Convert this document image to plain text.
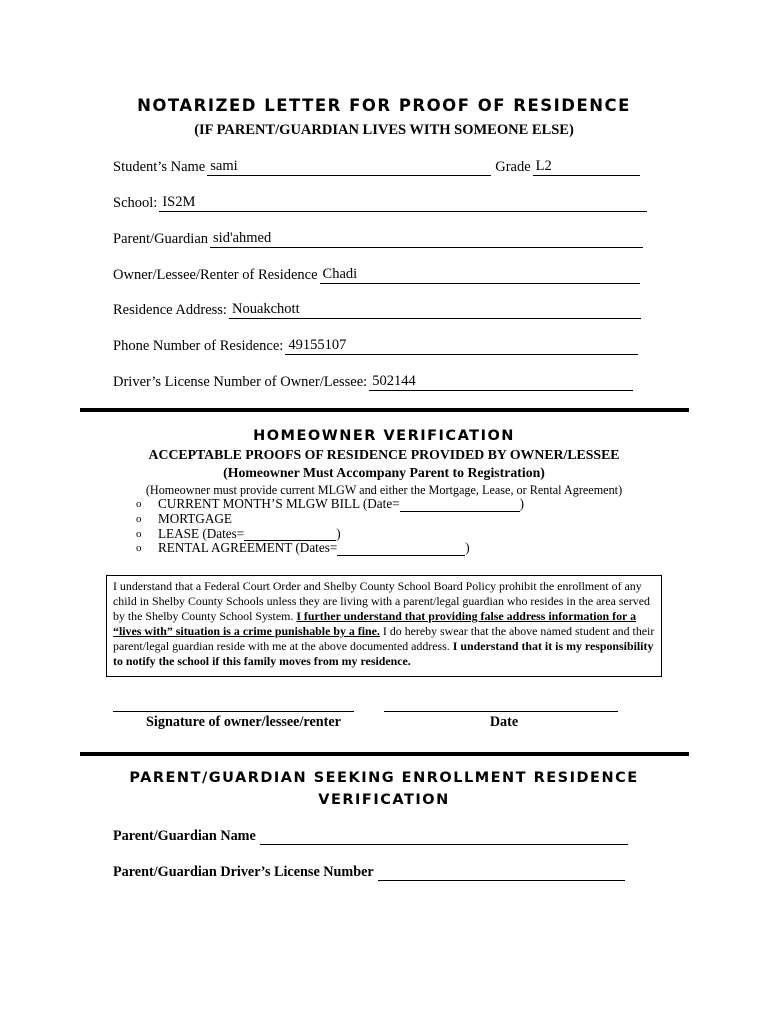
NOTARIZED LETTER FOR PROOF OF RESIDENCE
(IF PARENT/GUARDIAN LIVES WITH SOMEONE ELSE)
Student’s Name sami	Grade L2
School: IS2M
Parent/Guardian sid'ahmed
Owner/Lessee/Renter of Residence Chadi
Residence Address: Nouakchott
Phone Number of Residence: 49155107
Driver’s License Number of Owner/Lessee: 502144
HOMEOWNER VERIFICATION
ACCEPTABLE PROOFS OF RESIDENCE PROVIDED BY OWNER/LESSEE
(Homeowner Must Accompany Parent to Registration)
(Homeowner must provide current MLGW and either the Mortgage, Lease, or Rental Agreement)
o	CURRENT MONTH’S MLGW BILL (Date=	)
o	MORTGAGE
o	LEASE (Dates=	)
o	RENTAL AGREEMENT (Dates=	)
I understand that a Federal Court Order and Shelby County School Board Policy prohibit the enrollment of any child in Shelby County Schools unless they are living with a parent/legal guardian who resides in the area served by the Shelby County School System. I further understand that providing false address information for a “lives with” situation is a crime punishable by a fine. I do hereby swear that the above named student and their parent/legal guardian reside with me at the above documented address. I understand that it is my responsibility to notify the school if this family moves from my residence.
Signature of owner/lessee/renter	Date
PARENT/GUARDIAN SEEKING ENROLLMENT RESIDENCE
VERIFICATION
Parent/Guardian Name
Parent/Guardian Driver’s License Number
